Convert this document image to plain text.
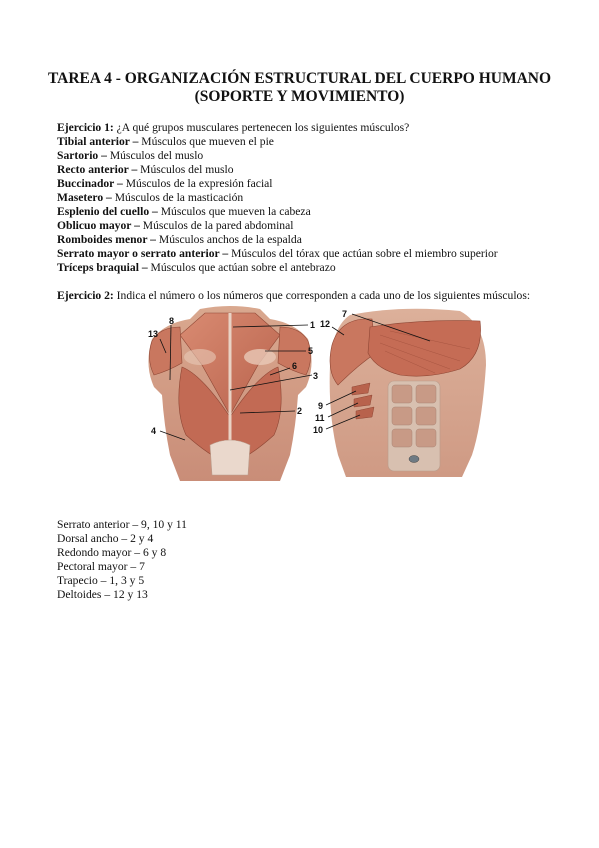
TAREA 4 - ORGANIZACIÓN ESTRUCTURAL DEL CUERPO HUMANO
(SOPORTE Y MOVIMIENTO)
Ejercicio 1: ¿A qué grupos musculares pertenecen los siguientes músculos?
Tibial anterior – Músculos que mueven el pie
Sartorio – Músculos del muslo
Recto anterior – Músculos del muslo
Buccinador – Músculos de la expresión facial
Masetero – Músculos de la masticación
Esplenio del cuello – Músculos que mueven la cabeza
Oblicuo mayor – Músculos de la pared abdominal
Romboides menor – Músculos anchos de la espalda
Serrato mayor o serrato anterior – Músculos del tórax que actúan sobre el miembro superior
Tríceps braquial – Músculos que actúan sobre el antebrazo
Ejercicio 2: Indica el número o los números que corresponden a cada uno de los siguientes músculos:
13
8	1
5
6
3
2
4
7
12
9
11
10
Serrato anterior – 9, 10 y 11
Dorsal ancho – 2 y 4
Redondo mayor – 6 y 8
Pectoral mayor – 7
Trapecio – 1, 3 y 5
Deltoides – 12 y 13
